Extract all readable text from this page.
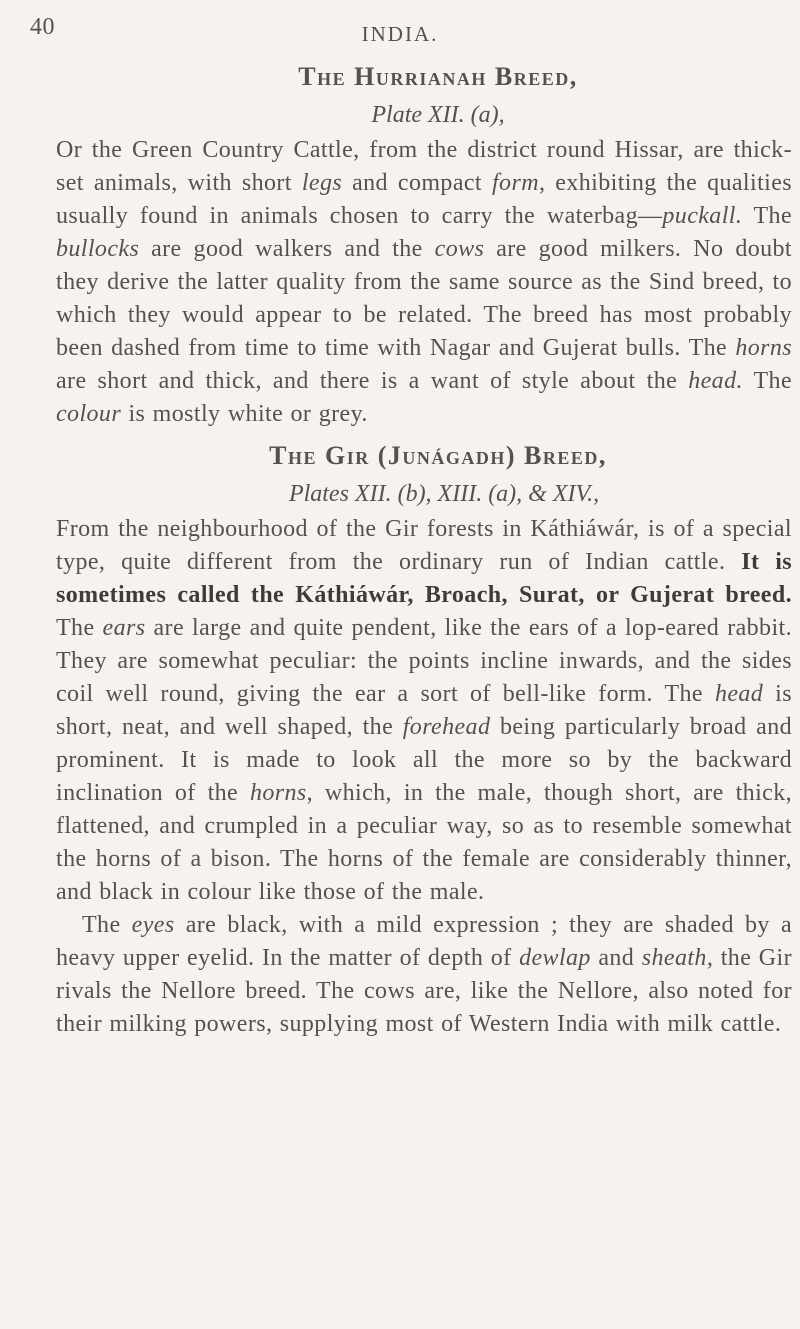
40	INDIA.
The Hurrianah Breed,
Plate XII. (a),

Or the Green Country Cattle, from the district round Hissar, are thick-set animals, with short legs and compact form, exhibiting the qualities usually found in animals chosen to carry the waterbag—puckall. The bullocks are good walkers and the cows are good milkers. No doubt they derive the latter quality from the same source as the Sind breed, to which they would appear to be related. The breed has most probably been dashed from time to time with Nagar and Gujerat bulls. The horns are short and thick, and there is a want of style about the head. The colour is mostly white or grey.

The Gir (Junágadh) Breed,
Plates XII. (b), XIII. (a), & XIV.,

From the neighbourhood of the Gir forests in Káthiáwár, is of a special type, quite different from the ordinary run of Indian cattle. It is sometimes called the Káthiáwár, Broach, Surat, or Gujerat breed. The ears are large and quite pendent, like the ears of a lop-eared rabbit. They are somewhat peculiar: the points incline inwards, and the sides coil well round, giving the ear a sort of bell-like form. The head is short, neat, and well shaped, the forehead being particularly broad and prominent. It is made to look all the more so by the backward inclination of the horns, which, in the male, though short, are thick, flattened, and crumpled in a peculiar way, so as to resemble somewhat the horns of a bison. The horns of the female are considerably thinner, and black in colour like those of the male.

The eyes are black, with a mild expression ; they are shaded by a heavy upper eyelid. In the matter of depth of dewlap and sheath, the Gir rivals the Nellore breed. The cows are, like the Nellore, also noted for their milking powers, supplying most of Western India with milk cattle.
